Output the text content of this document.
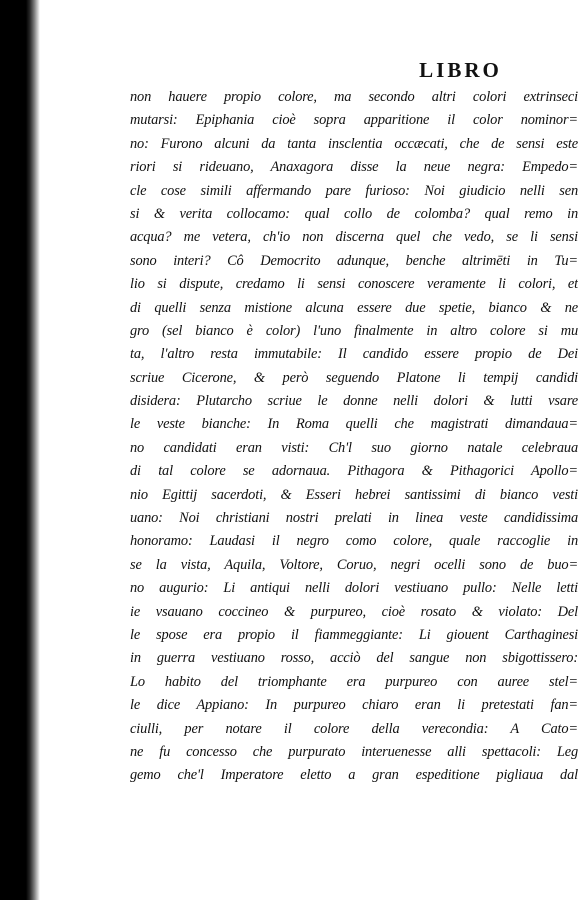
LIBRO
non hauere propio colore, ma secondo altri colori extrinseci
mutarsi: Epiphania cioè sopra apparitione il color nominor=
no: Furono alcuni da tanta insclentia occæcati, che de sensi este
riori si rideuano, Anaxagora disse la neue negra: Empedo=
cle cose simili affermando pare furioso: Noi giudicio nelli sen
si & verita collocamo: qual collo de colomba? qual remo in
acqua? me vetera, ch'io non discerna quel che vedo, se li sensi
sono interi? Cô Democrito adunque, benche altrimēti in Tu=
lio si dispute, credamo li sensi conoscere veramente li colori, et
di quelli senza mistione alcuna essere due spetie, bianco & ne
gro (sel bianco è color) l'uno finalmente in altro colore si mu
ta, l'altro resta immutabile: Il candido essere propio de Dei
scriue Cicerone, & però seguendo Platone li tempij candidi
disidera: Plutarcho scriue le donne nelli dolori & lutti vsare
le veste bianche: In Roma quelli che magistrati dimandaua=
no candidati eran visti: Ch'l suo giorno natale celebraua
di tal colore se adornaua. Pithagora & Pithagorici Apollo=
nio Egittij sacerdoti, & Esseri hebrei santissimi di bianco vesti
uano: Noi christiani nostri prelati in linea veste candidissima
honoramo: Laudasi il negro como colore, quale raccoglie in
se la vista, Aquila, Voltore, Coruo, negri ocelli sono de buo=
no augurio: Li antiqui nelli dolori vestiuano pullo: Nelle letti
ie vsauano coccineo & purpureo, cioè rosato & violato: Del
le spose era propio il fiammeggiante: Li giouent Carthaginesi
in guerra vestiuano rosso, acciò del sangue non sbigottissero:
Lo habito del triomphante era purpureo con auree stel=
le dice Appiano: In purpureo chiaro eran li pretestati fan=
ciulli, per notare il colore della verecondia: A Cato=
ne fu concesso che purpurato interuenesse alli spettacoli: Leg
gemo che'l Imperatore eletto a gran espeditione pigliaua dal
